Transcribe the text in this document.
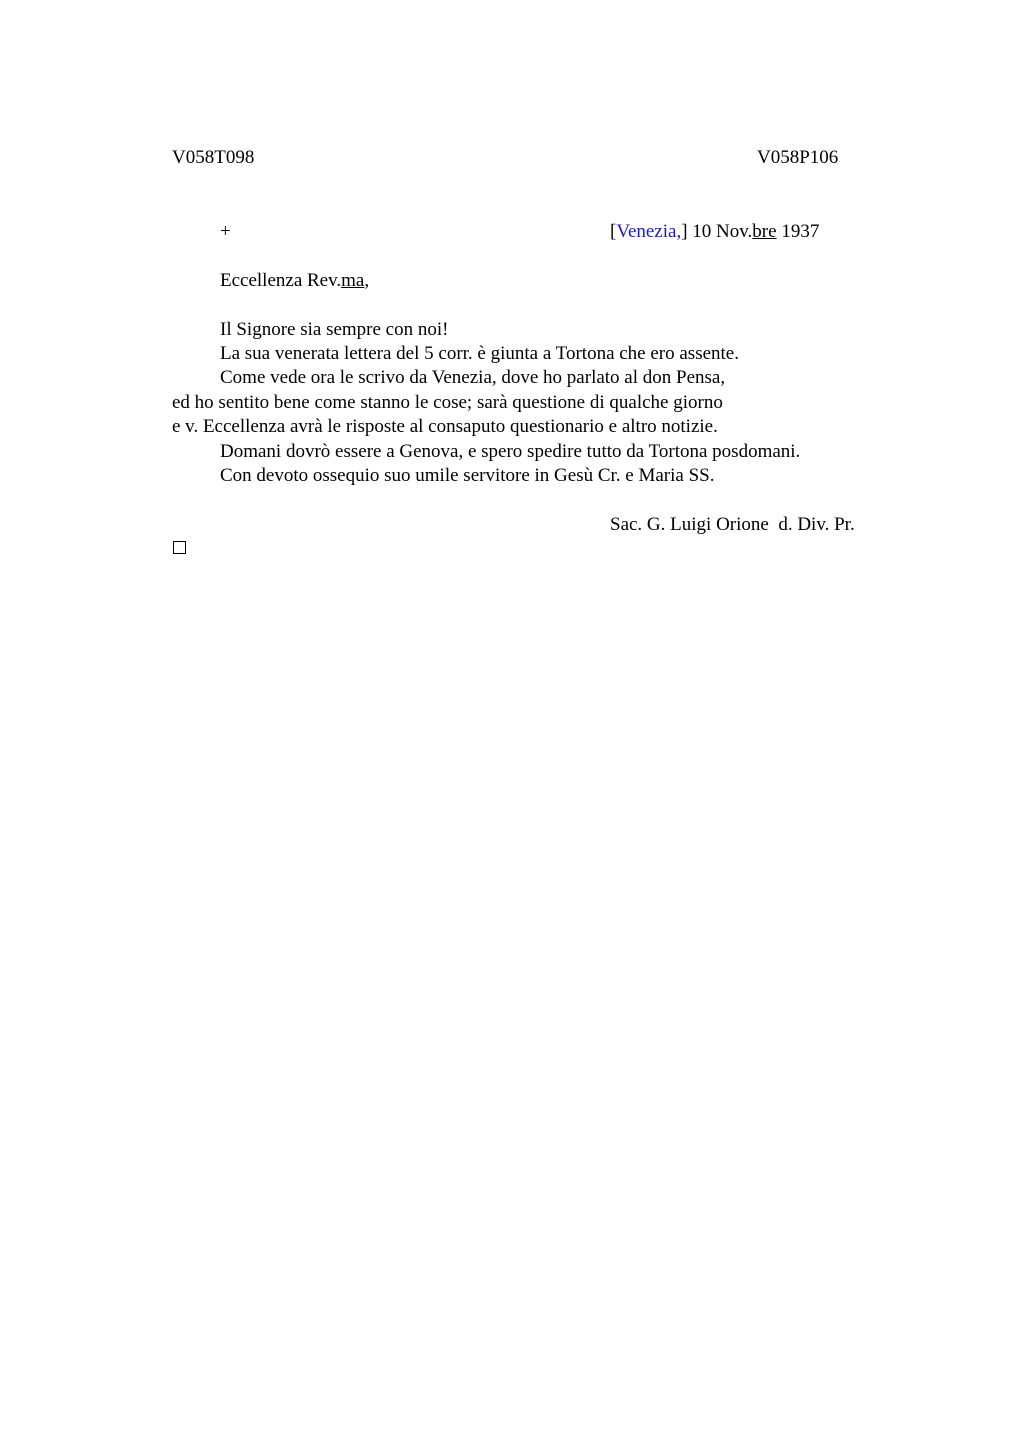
V058T098	V058P106
+	[Venezia,] 10 Nov.bre 1937
Eccellenza Rev.ma,
Il Signore sia sempre con noi!
La sua venerata lettera del 5 corr. è giunta a Tortona che ero assente.
Come vede ora le scrivo da Venezia, dove ho parlato al don Pensa,
ed ho sentito bene come stanno le cose; sarà questione di qualche giorno
e v. Eccellenza avrà le risposte al consaputo questionario e altro notizie.
Domani dovrò essere a Genova, e spero spedire tutto da Tortona posdomani.
Con devoto ossequio suo umile servitore in Gesù Cr. e Maria SS.
Sac. G. Luigi Orione  d. Div. Pr.
